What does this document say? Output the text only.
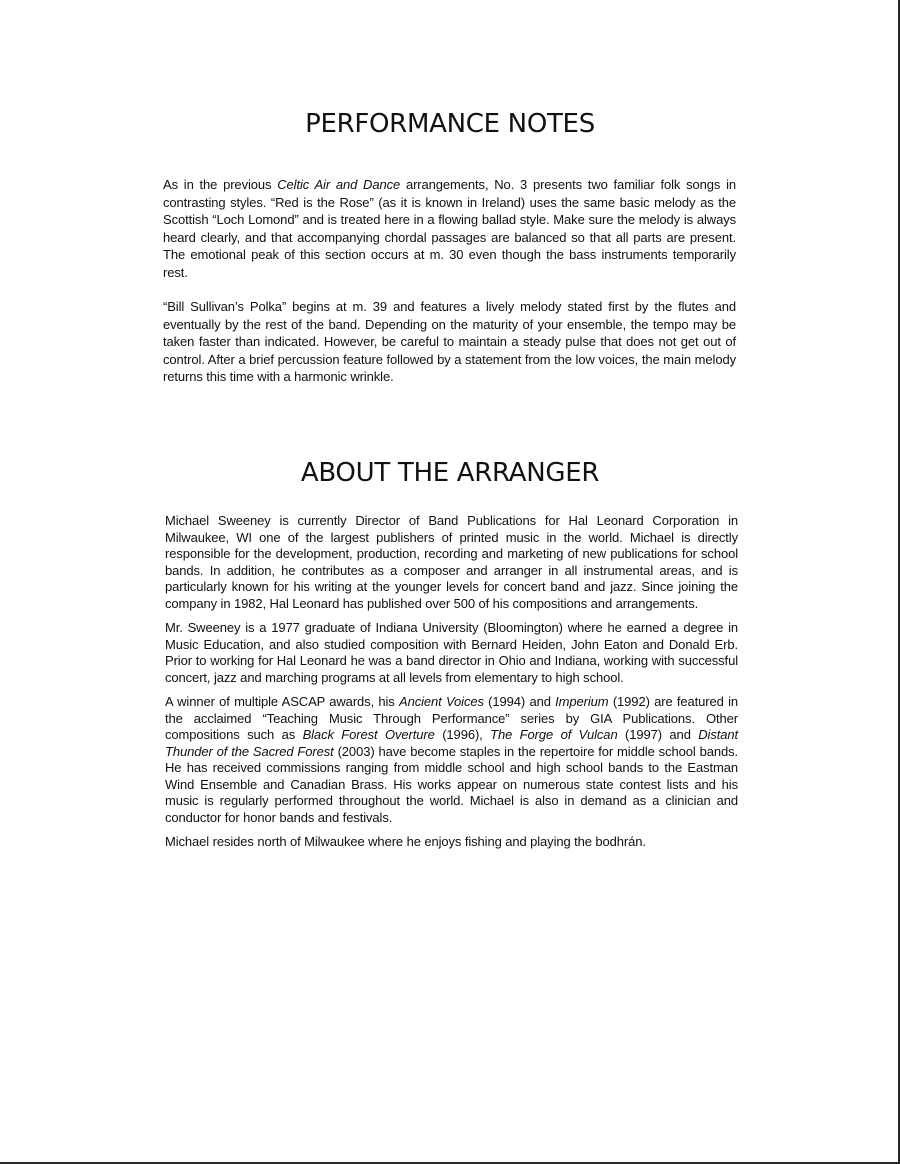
PERFORMANCE NOTES

As in the previous Celtic Air and Dance arrangements, No. 3 presents two familiar folk songs in contrasting styles. “Red is the Rose” (as it is known in Ireland) uses the same basic melody as the Scottish “Loch Lomond” and is treated here in a flowing ballad style. Make sure the melody is always heard clearly, and that accompanying chordal passages are balanced so that all parts are present. The emotional peak of this section occurs at m. 30 even though the bass instruments temporarily rest.

“Bill Sullivan’s Polka” begins at m. 39 and features a lively melody stated first by the flutes and eventually by the rest of the band. Depending on the maturity of your ensemble, the tempo may be taken faster than indicated. However, be careful to maintain a steady pulse that does not get out of control. After a brief percussion feature followed by a statement from the low voices, the main melody returns this time with a harmonic wrinkle.

ABOUT THE ARRANGER

Michael Sweeney is currently Director of Band Publications for Hal Leonard Corporation in Milwaukee, WI one of the largest publishers of printed music in the world. Michael is directly responsible for the development, production, recording and marketing of new publications for school bands. In addition, he contributes as a composer and arranger in all instrumental areas, and is particularly known for his writing at the younger levels for concert band and jazz. Since joining the company in 1982, Hal Leonard has published over 500 of his compositions and arrangements.

Mr. Sweeney is a 1977 graduate of Indiana University (Bloomington) where he earned a degree in Music Education, and also studied composition with Bernard Heiden, John Eaton and Donald Erb. Prior to working for Hal Leonard he was a band director in Ohio and Indiana, working with successful concert, jazz and marching programs at all levels from elementary to high school.

A winner of multiple ASCAP awards, his Ancient Voices (1994) and Imperium (1992) are featured in the acclaimed “Teaching Music Through Performance” series by GIA Publications. Other compositions such as Black Forest Overture (1996), The Forge of Vulcan (1997) and Distant Thunder of the Sacred Forest (2003) have become staples in the repertoire for middle school bands. He has received commissions ranging from middle school and high school bands to the Eastman Wind Ensemble and Canadian Brass. His works appear on numerous state contest lists and his music is regularly performed throughout the world. Michael is also in demand as a clinician and conductor for honor bands and festivals.

Michael resides north of Milwaukee where he enjoys fishing and playing the bodhrán.
